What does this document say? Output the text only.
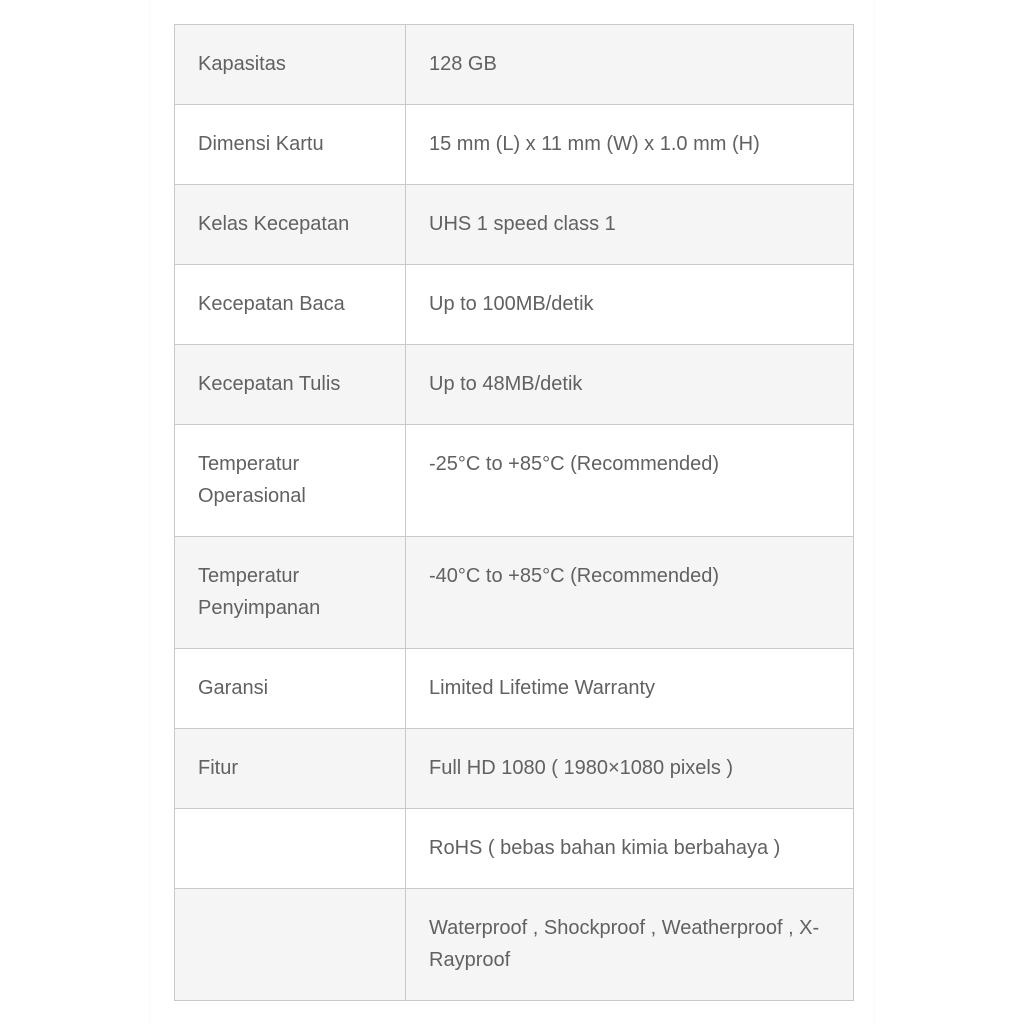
Kapasitas	128 GB
Dimensi Kartu	15 mm (L) x 11 mm (W) x 1.0 mm (H)
Kelas Kecepatan	UHS 1 speed class 1
Kecepatan Baca	Up to 100MB/detik
Kecepatan Tulis	Up to 48MB/detik
Temperatur Operasional	-25°C to +85°C (Recommended)
Temperatur Penyimpanan	-40°C to +85°C (Recommended)
Garansi	Limited Lifetime Warranty
Fitur	Full HD 1080 ( 1980×1080 pixels )
	RoHS ( bebas bahan kimia berbahaya )
	Waterproof , Shockproof , Weatherproof , X-Rayproof
